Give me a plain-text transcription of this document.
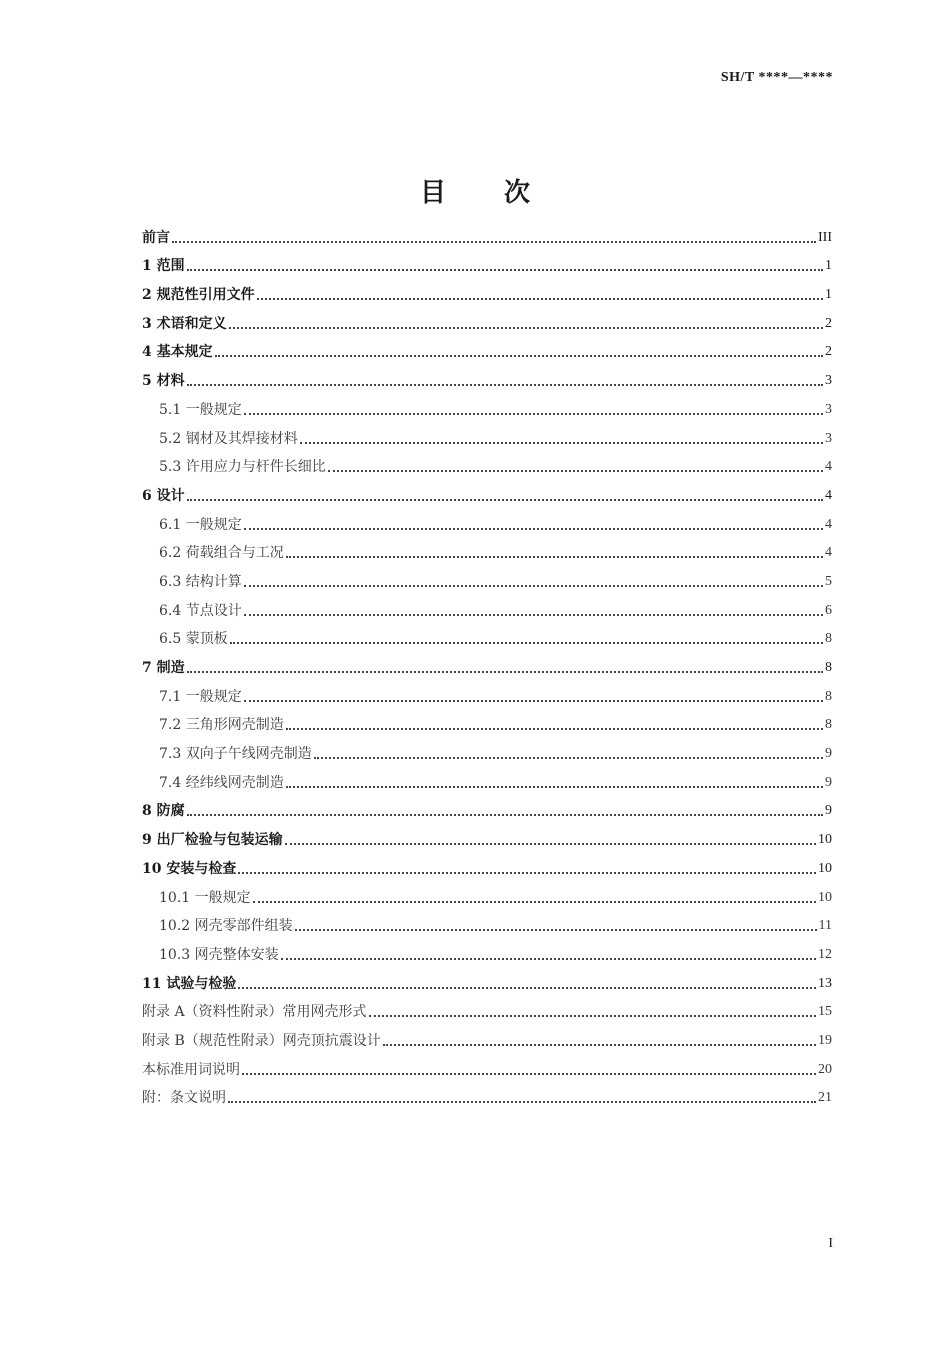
SH/T ****—****
目次
前言	III
1 范围	1
2 规范性引用文件	1
3 术语和定义	2
4 基本规定	2
5 材料	3
5.1 一般规定	3
5.2 钢材及其焊接材料	3
5.3 许用应力与杆件长细比	4
6 设计	4
6.1 一般规定	4
6.2 荷载组合与工况	4
6.3 结构计算	5
6.4 节点设计	6
6.5 蒙顶板	8
7 制造	8
7.1 一般规定	8
7.2 三角形网壳制造	8
7.3 双向子午线网壳制造	9
7.4 经纬线网壳制造	9
8 防腐	9
9 出厂检验与包装运输	10
10 安装与检查	10
10.1 一般规定	10
10.2 网壳零部件组装	11
10.3 网壳整体安装	12
11 试验与检验	13
附录 A（资料性附录）常用网壳形式	15
附录 B（规范性附录）网壳顶抗震设计	19
本标准用词说明	20
附：条文说明	21
I
